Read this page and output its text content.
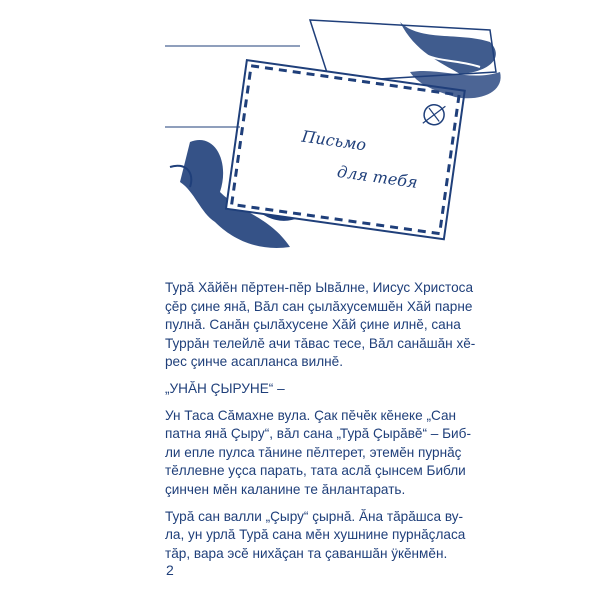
Письмо
для тебя

Турă Хăйĕн пĕртен-пĕр Ывăлне, Иисус Христоса
çĕр çине янă, Вăл сан çылăхусемшĕн Хăй парне
пулнă. Санăн çылăхусене Хăй çине илнĕ, сана
Туррăн телейлĕ ачи тăвас тесе, Вăл санăшăн хĕ-
рес çинче асапланса вилнĕ.

„УНĂН ÇЫРУНЕ“ –

Ун Таса Сăмахне вула. Çак пĕчĕк кĕнеке „Сан
патна янă Çыру“, вăл сана „Турă Çырăвĕ“ – Биб-
ли епле пулса тăнине пĕлтерет, этемĕн пурнăç
тĕллевне уçса парать, тата аслă çынсем Библи
çинчен мĕн каланине те ăнлантарать.

Турă сан валли „Çыру“ çырнă. Ăна тăрăшса ву-
ла, ун урлă Турă сана мĕн хушнине пурнăçласа
тăр, вара эсĕ нихăçан та çаваншăн ÿкĕнмĕн.

2
